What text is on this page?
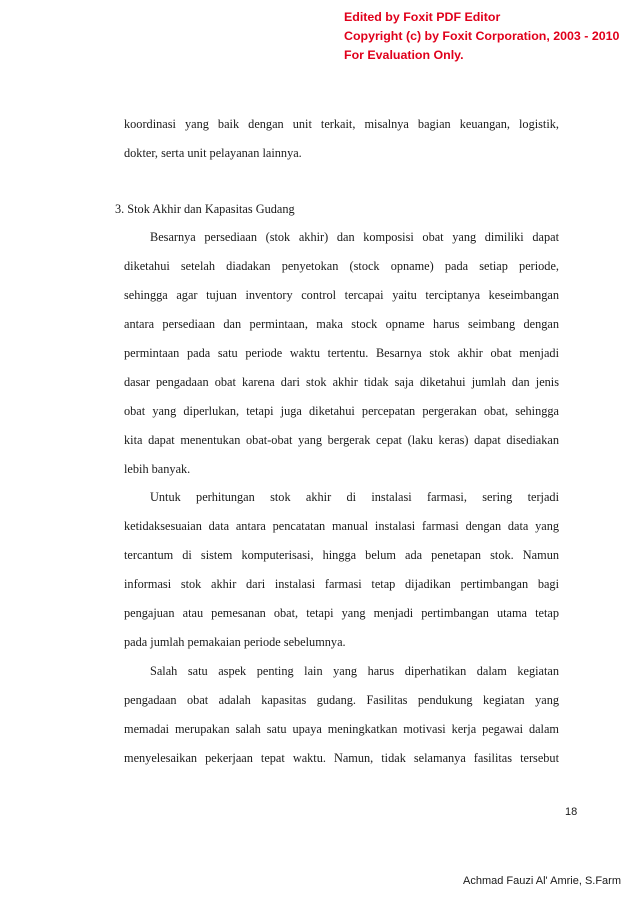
Edited by Foxit PDF Editor
Copyright (c) by Foxit Corporation, 2003 - 2010
For Evaluation Only.
koordinasi yang baik dengan unit terkait, misalnya bagian keuangan, logistik,
dokter, serta unit pelayanan lainnya.
3. Stok Akhir dan Kapasitas Gudang
Besarnya persediaan (stok akhir) dan komposisi obat yang dimiliki dapat
diketahui setelah diadakan penyetokan (stock opname) pada setiap periode,
sehingga agar tujuan inventory control tercapai yaitu terciptanya keseimbangan
antara persediaan dan permintaan, maka stock opname harus seimbang dengan
permintaan pada satu periode waktu tertentu. Besarnya stok akhir obat menjadi
dasar pengadaan obat karena dari stok akhir tidak saja diketahui jumlah dan jenis
obat yang diperlukan, tetapi juga diketahui percepatan pergerakan obat, sehingga
kita dapat menentukan obat-obat yang bergerak cepat (laku keras) dapat disediakan
lebih banyak.
Untuk perhitungan stok akhir di instalasi farmasi, sering terjadi
ketidaksesuaian data antara pencatatan manual instalasi farmasi dengan data yang
tercantum di sistem komputerisasi, hingga belum ada penetapan stok. Namun
informasi stok akhir dari instalasi farmasi tetap dijadikan pertimbangan bagi
pengajuan atau pemesanan obat, tetapi yang menjadi pertimbangan utama tetap
pada jumlah pemakaian periode sebelumnya.
Salah satu aspek penting lain yang harus diperhatikan dalam kegiatan
pengadaan obat adalah kapasitas gudang. Fasilitas pendukung kegiatan yang
memadai merupakan salah satu upaya meningkatkan motivasi kerja pegawai dalam
menyelesaikan pekerjaan tepat waktu. Namun, tidak selamanya fasilitas tersebut
18
Achmad Fauzi Al' Amrie, S.Farm
